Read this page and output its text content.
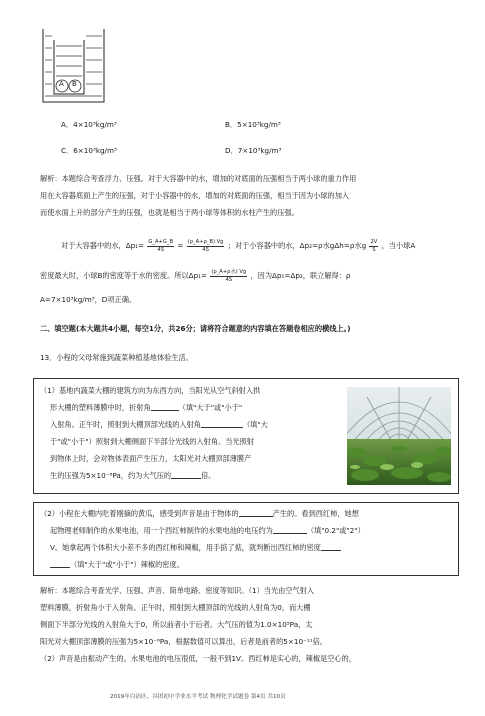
A B
A．4×10³kg/m³	B．5×10³kg/m³
C．6×10³kg/m³	D．7×10³kg/m³
解析：本题综合考查浮力、压强。对于大容器中的水，增加的对底面的压强相当于两小球的重力作用
用在大容器底面上产生的压强，对于小容器中的水，增加的对底面的压强，相当于因为小球的加入
而使水面上升的部分产生的压强，也就是相当于两小球等体积的水柱产生的压强。
对于大容器中的水，$\Delta p_1= \frac{G\_A+G\_B}{4S} = \frac{(\rho\_A+\rho\_B) Vg}{4S}$ ；对于小容器中的水，Δp₂=ρ水gΔh=ρ水g $\frac{2V}{S}$ ，当小球A
密度最大时，小球B的密度等于水的密度。所以$\Delta p_1= \frac{\text{(ρ\_A+ρ水) Vg}}{4S}$ ，因为Δp₁=Δp₂，联立解得：ρ
A=7×10³kg/m³，D项正确。
二、填空题(本大题共4小题，每空1分，共26分；请将符合题意的内容填在答题卷相应的横线上。)
13．小程的父母常施到蔬菜种植基地体验生活。
（1）基地内蔬菜大棚的建筑方向为东西方向，当阳光从空气斜射入拱
形大棚的塑料薄膜中时，折射角	（填"大于"或"小于"
入射角。正午时，照射到大棚顶部光线的入射角	（填"大
于"或"小于"）照射到大棚侧面下半部分光线的入射角。当光照射
到物体上时，会对物体表面产生压力，太阳光对大棚顶部薄膜产
生的压强为5×10⁻⁶Pa，约为大气压的	倍。
（2）小程在大棚内吃着刚摘的黄瓜，感受到声音是由于物体的	产生的。看到西红柿，她想
起物理老师制作的水果电池，用一个西红柿制作的水果电池的电压约为	（填"0.2"或"2"）
V。她拿起两个体积大小差不多的西红柿和辣椒，用手掂了掂，就判断出西红柿的密度
（填"大于"或"小于"）辣椒的密度。
解析：本题综合考查光学、压强、声音、简单电路、密度等知识。（1）当光由空气射入
塑料薄膜，折射角小于入射角。正午时，照射到大棚顶部的光线的入射角为0，而大棚
侧面下半部分光线的入射角大于0，所以前者小于后者。大气压的值为1.0×10⁵Pa，太
阳光对大棚顶部薄膜的压强为5×10⁻⁶Pa，根据数值可以算出，后者是前者的5×10⁻¹¹倍。
（2）声音是由振动产生的。水果电池的电压很低，一般不到1V。西红柿是实心的，辣椒是空心的，
2019年白治区、具团初中学业水平考试 物理化学试题卷 第4页 共10页
